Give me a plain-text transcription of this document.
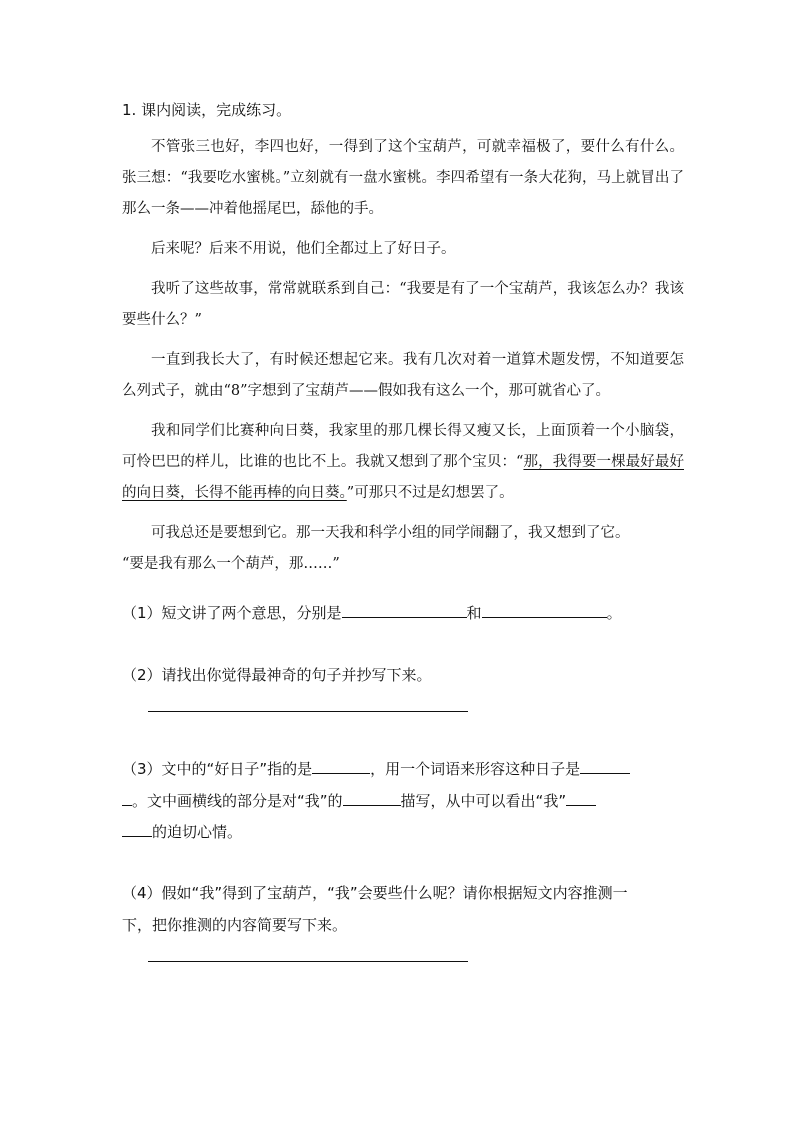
1. 课内阅读，完成练习。

不管张三也好，李四也好，一得到了这个宝葫芦，可就幸福极了，要什么有什么。张三想：“我要吃水蜜桃。”立刻就有一盘水蜜桃。李四希望有一条大花狗，马上就冒出了那么一条——冲着他摇尾巴，舔他的手。

后来呢？后来不用说，他们全都过上了好日子。

我听了这些故事，常常就联系到自己：“我要是有了一个宝葫芦，我该怎么办？我该要些什么？”

一直到我长大了，有时候还想起它来。我有几次对着一道算术题发愣，不知道要怎么列式子，就由“8”字想到了宝葫芦——假如我有这么一个，那可就省心了。

我和同学们比赛种向日葵，我家里的那几棵长得又瘦又长，上面顶着一个小脑袋，可怜巴巴的样儿，比谁的也比不上。我就又想到了那个宝贝：“那，我得要一棵最好最好的向日葵，长得不能再棒的向日葵。”可那只不过是幻想罢了。

可我总还是要想到它。那一天我和科学小组的同学闹翻了，我又想到了它。

“要是我有那么一个葫芦，那……”

（1）短文讲了两个意思，分别是	和	。
（2）请找出你觉得最神奇的句子并抄写下来。
（3）文中的“好日子”指的是	，用一个词语来形容这种日子是
。文中画横线的部分是对“我”的	描写，从中可以看出“我”
的迫切心情。
（4）假如“我”得到了宝葫芦，“我”会要些什么呢？请你根据短文内容推测一
下，把你推测的内容简要写下来。
